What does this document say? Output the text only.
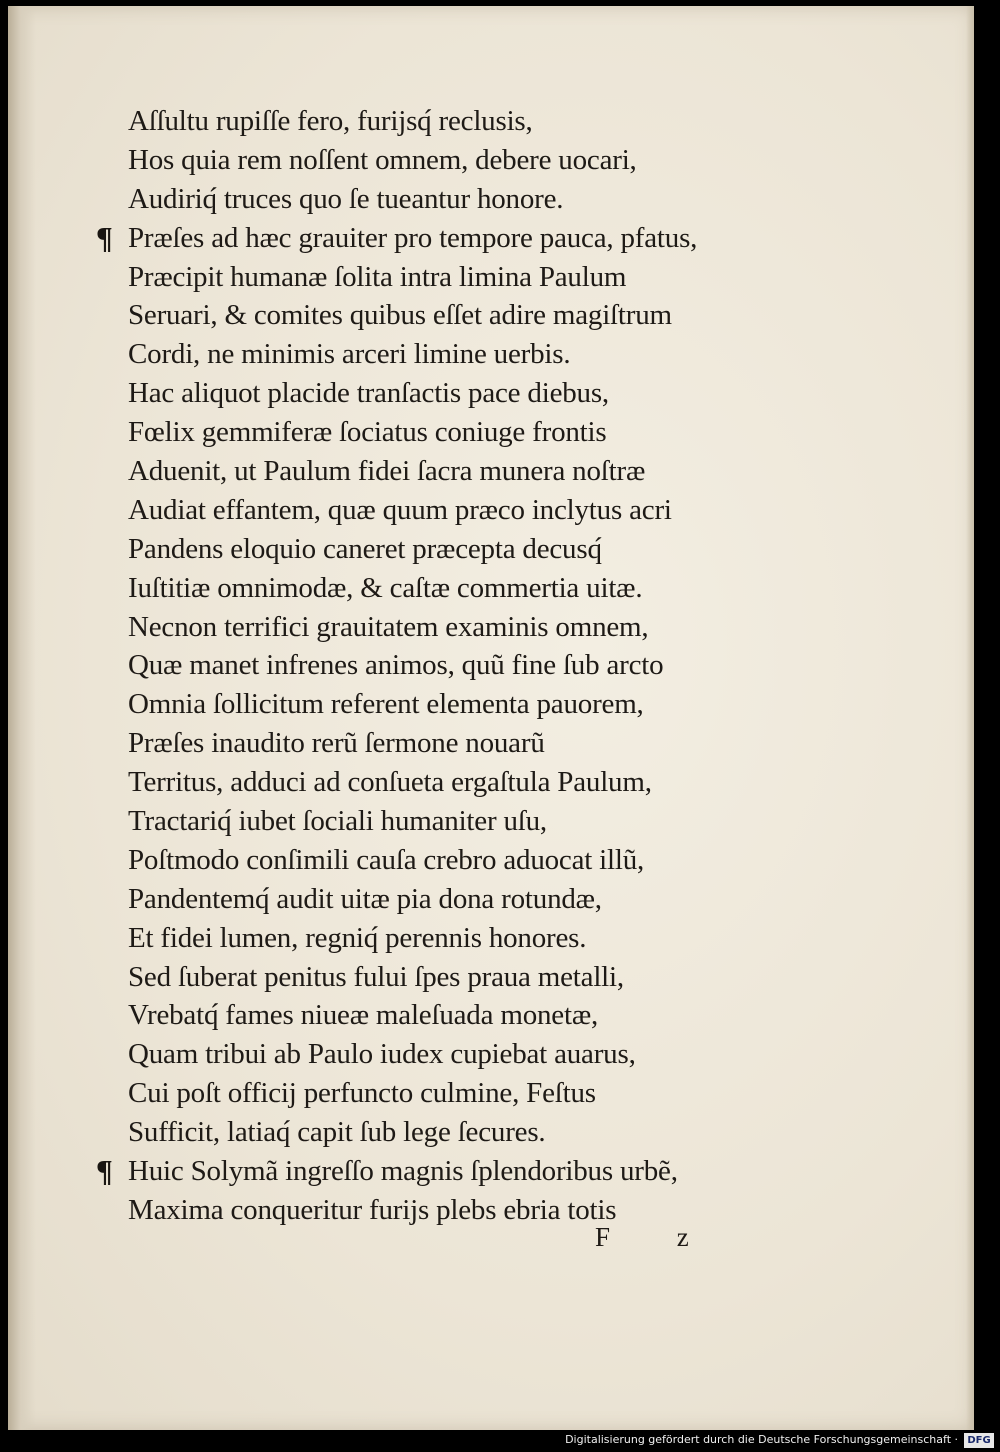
Aſſultu rupiſſe fero, furijsq́ reclusis,
Hos quia rem noſſent omnem, debere uocari,
Audiriq́ truces quo ſe tueantur honore.
¶ Præſes ad hæc grauiter pro tempore pauca, pfatus,
Præcipit humanæ ſolita intra limina Paulum
Seruari, & comites quibus eſſet adire magiſtrum
Cordi, ne minimis arceri limine uerbis.
Hac aliquot placide tranſactis pace diebus,
Fœlix gemmiferæ ſociatus coniuge frontis
Aduenit, ut Paulum fidei ſacra munera noſtræ
Audiat effantem, quæ quum præco inclytus acri
Pandens eloquio caneret præcepta decusq́
Iuſtitiæ omnimodæ, & caſtæ commertia uitæ.
Necnon terrifici grauitatem examinis omnem,
Quæ manet infrenes animos, quũ fine ſub arcto
Omnia ſollicitum referent elementa pauorem,
Præſes inaudito rerũ ſermone nouarũ
Territus, adduci ad conſueta ergaſtula Paulum,
Tractariq́ iubet ſociali humaniter uſu,
Poſtmodo conſimili cauſa crebro aduocat illũ,
Pandentemq́ audit uitæ pia dona rotundæ,
Et fidei lumen, regniq́ perennis honores.
Sed ſuberat penitus fului ſpes praua metalli,
Vrebatq́ fames niueæ maleſuada monetæ,
Quam tribui ab Paulo iudex cupiebat auarus,
Cui poſt officij perfuncto culmine, Feſtus
Sufficit, latiaq́ capit ſub lege ſecures.
¶ Huic Solymã ingreſſo magnis ſplendoribus urbẽ,
Maxima conqueritur furijs plebs ebria totis
F z
Digitalisierung gefördert durch die Deutsche Forschungsgemeinschaft · DFG
